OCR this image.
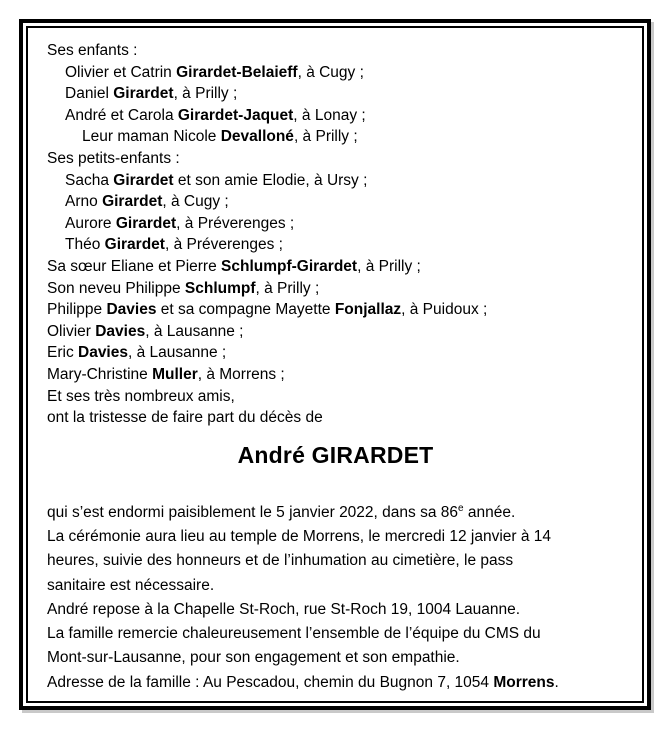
Ses enfants :
Olivier et Catrin Girardet-Belaieff, à Cugy ;
Daniel Girardet, à Prilly ;
André et Carola Girardet-Jaquet, à Lonay ;
Leur maman Nicole Devalloné, à Prilly ;
Ses petits-enfants :
Sacha Girardet et son amie Elodie, à Ursy ;
Arno Girardet, à Cugy ;
Aurore Girardet, à Préverenges ;
Théo Girardet, à Préverenges ;
Sa sœur Eliane et Pierre Schlumpf-Girardet, à Prilly ;
Son neveu Philippe Schlumpf, à Prilly ;
Philippe Davies et sa compagne Mayette Fonjallaz, à Puidoux ;
Olivier Davies, à Lausanne ;
Eric Davies, à Lausanne ;
Mary-Christine Muller, à Morrens ;
Et ses très nombreux amis,
ont la tristesse de faire part du décès de
André GIRARDET
qui s’est endormi paisiblement le 5 janvier 2022, dans sa 86e année.
La cérémonie aura lieu au temple de Morrens, le mercredi 12 janvier à 14
heures, suivie des honneurs et de l’inhumation au cimetière, le pass
sanitaire est nécessaire.
André repose à la Chapelle St-Roch, rue St-Roch 19, 1004 Lauanne.
La famille remercie chaleureusement l’ensemble de l’équipe du CMS du
Mont-sur-Lausanne, pour son engagement et son empathie.
Adresse de la famille : Au Pescadou, chemin du Bugnon 7, 1054 Morrens.
